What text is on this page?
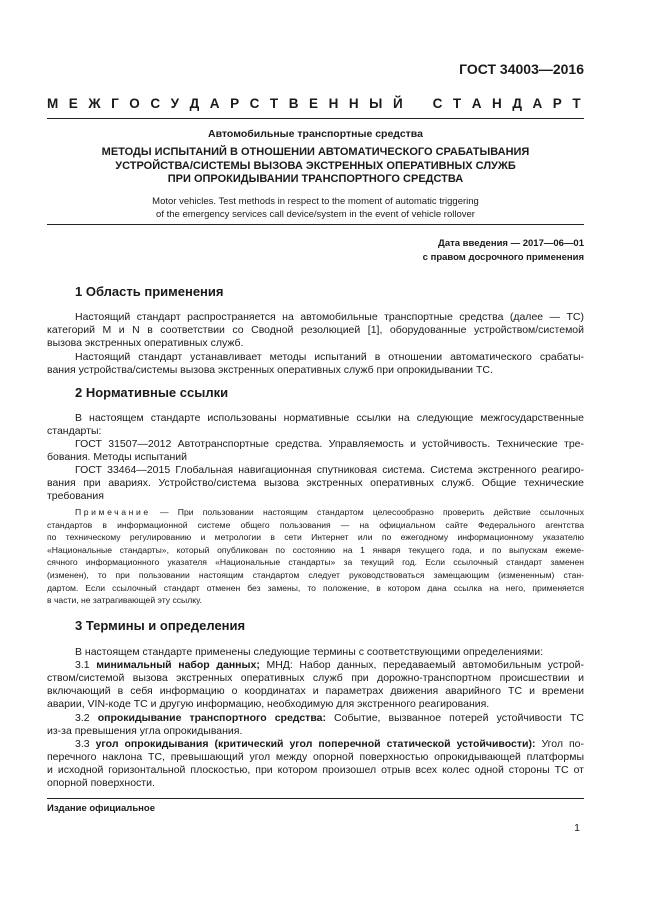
ГОСТ 34003—2016
М Е Ж Г О С У Д А Р С Т В Е Н Н Ы Й С Т А Н Д А Р Т
Автомобильные транспортные средства
МЕТОДЫ ИСПЫТАНИЙ В ОТНОШЕНИИ АВТОМАТИЧЕСКОГО СРАБАТЫВАНИЯ
УСТРОЙСТВА/СИСТЕМЫ ВЫЗОВА ЭКСТРЕННЫХ ОПЕРАТИВНЫХ СЛУЖБ
ПРИ ОПРОКИДЫВАНИИ ТРАНСПОРТНОГО СРЕДСТВА
Motor vehicles. Test methods in respect to the moment of automatic triggering
of the emergency services call device/system in the event of vehicle rollover
Дата введения — 2017—06—01
с правом досрочного применения
1 Область применения
Настоящий стандарт распространяется на автомобильные транспортные средства (далее — ТС)
категорий M и N в соответствии со Сводной резолюцией [1], оборудованные устройством/системой
вызова экстренных оперативных служб.
Настоящий стандарт устанавливает методы испытаний в отношении автоматического срабаты-
вания устройства/системы вызова экстренных оперативных служб при опрокидывании ТС.
2 Нормативные ссылки
В настоящем стандарте использованы нормативные ссылки на следующие межгосударственные
стандарты:
ГОСТ 31507—2012 Автотранспортные средства. Управляемость и устойчивость. Технические тре-
бования. Методы испытаний
ГОСТ 33464—2015 Глобальная навигационная спутниковая система. Система экстренного реагиро-
вания при авариях. Устройство/система вызова экстренных оперативных служб. Общие технические
требования
Примечание — При пользовании настоящим стандартом целесообразно проверить действие ссылочных
стандартов в информационной системе общего пользования — на официальном сайте Федерального агентства
по техническому регулированию и метрологии в сети Интернет или по ежегодному информационному указателю
«Национальные стандарты», который опубликован по состоянию на 1 января текущего года, и по выпускам ежеме-
сячного информационного указателя «Национальные стандарты» за текущий год. Если ссылочный стандарт заменен
(изменен), то при пользовании настоящим стандартом следует руководствоваться замещающим (измененным) стан-
дартом. Если ссылочный стандарт отменен без замены, то положение, в котором дана ссылка на него, применяется
в части, не затрагивающей эту ссылку.
3 Термины и определения
В настоящем стандарте применены следующие термины с соответствующими определениями:
3.1 минимальный набор данных; МНД: Набор данных, передаваемый автомобильным устрой-
ством/системой вызова экстренных оперативных служб при дорожно-транспортном происшествии и
включающий в себя информацию о координатах и параметрах движения аварийного ТС и времени
аварии, VIN-коде ТС и другую информацию, необходимую для экстренного реагирования.
3.2 опрокидывание транспортного средства: Событие, вызванное потерей устойчивости ТС
из-за превышения угла опрокидывания.
3.3 угол опрокидывания (критический угол поперечной статической устойчивости): Угол по-
перечного наклона ТС, превышающий угол между опорной поверхностью опрокидывающей платформы
и исходной горизонтальной плоскостью, при котором произошел отрыв всех колес одной стороны ТС от
опорной поверхности.
Издание официальное
1
